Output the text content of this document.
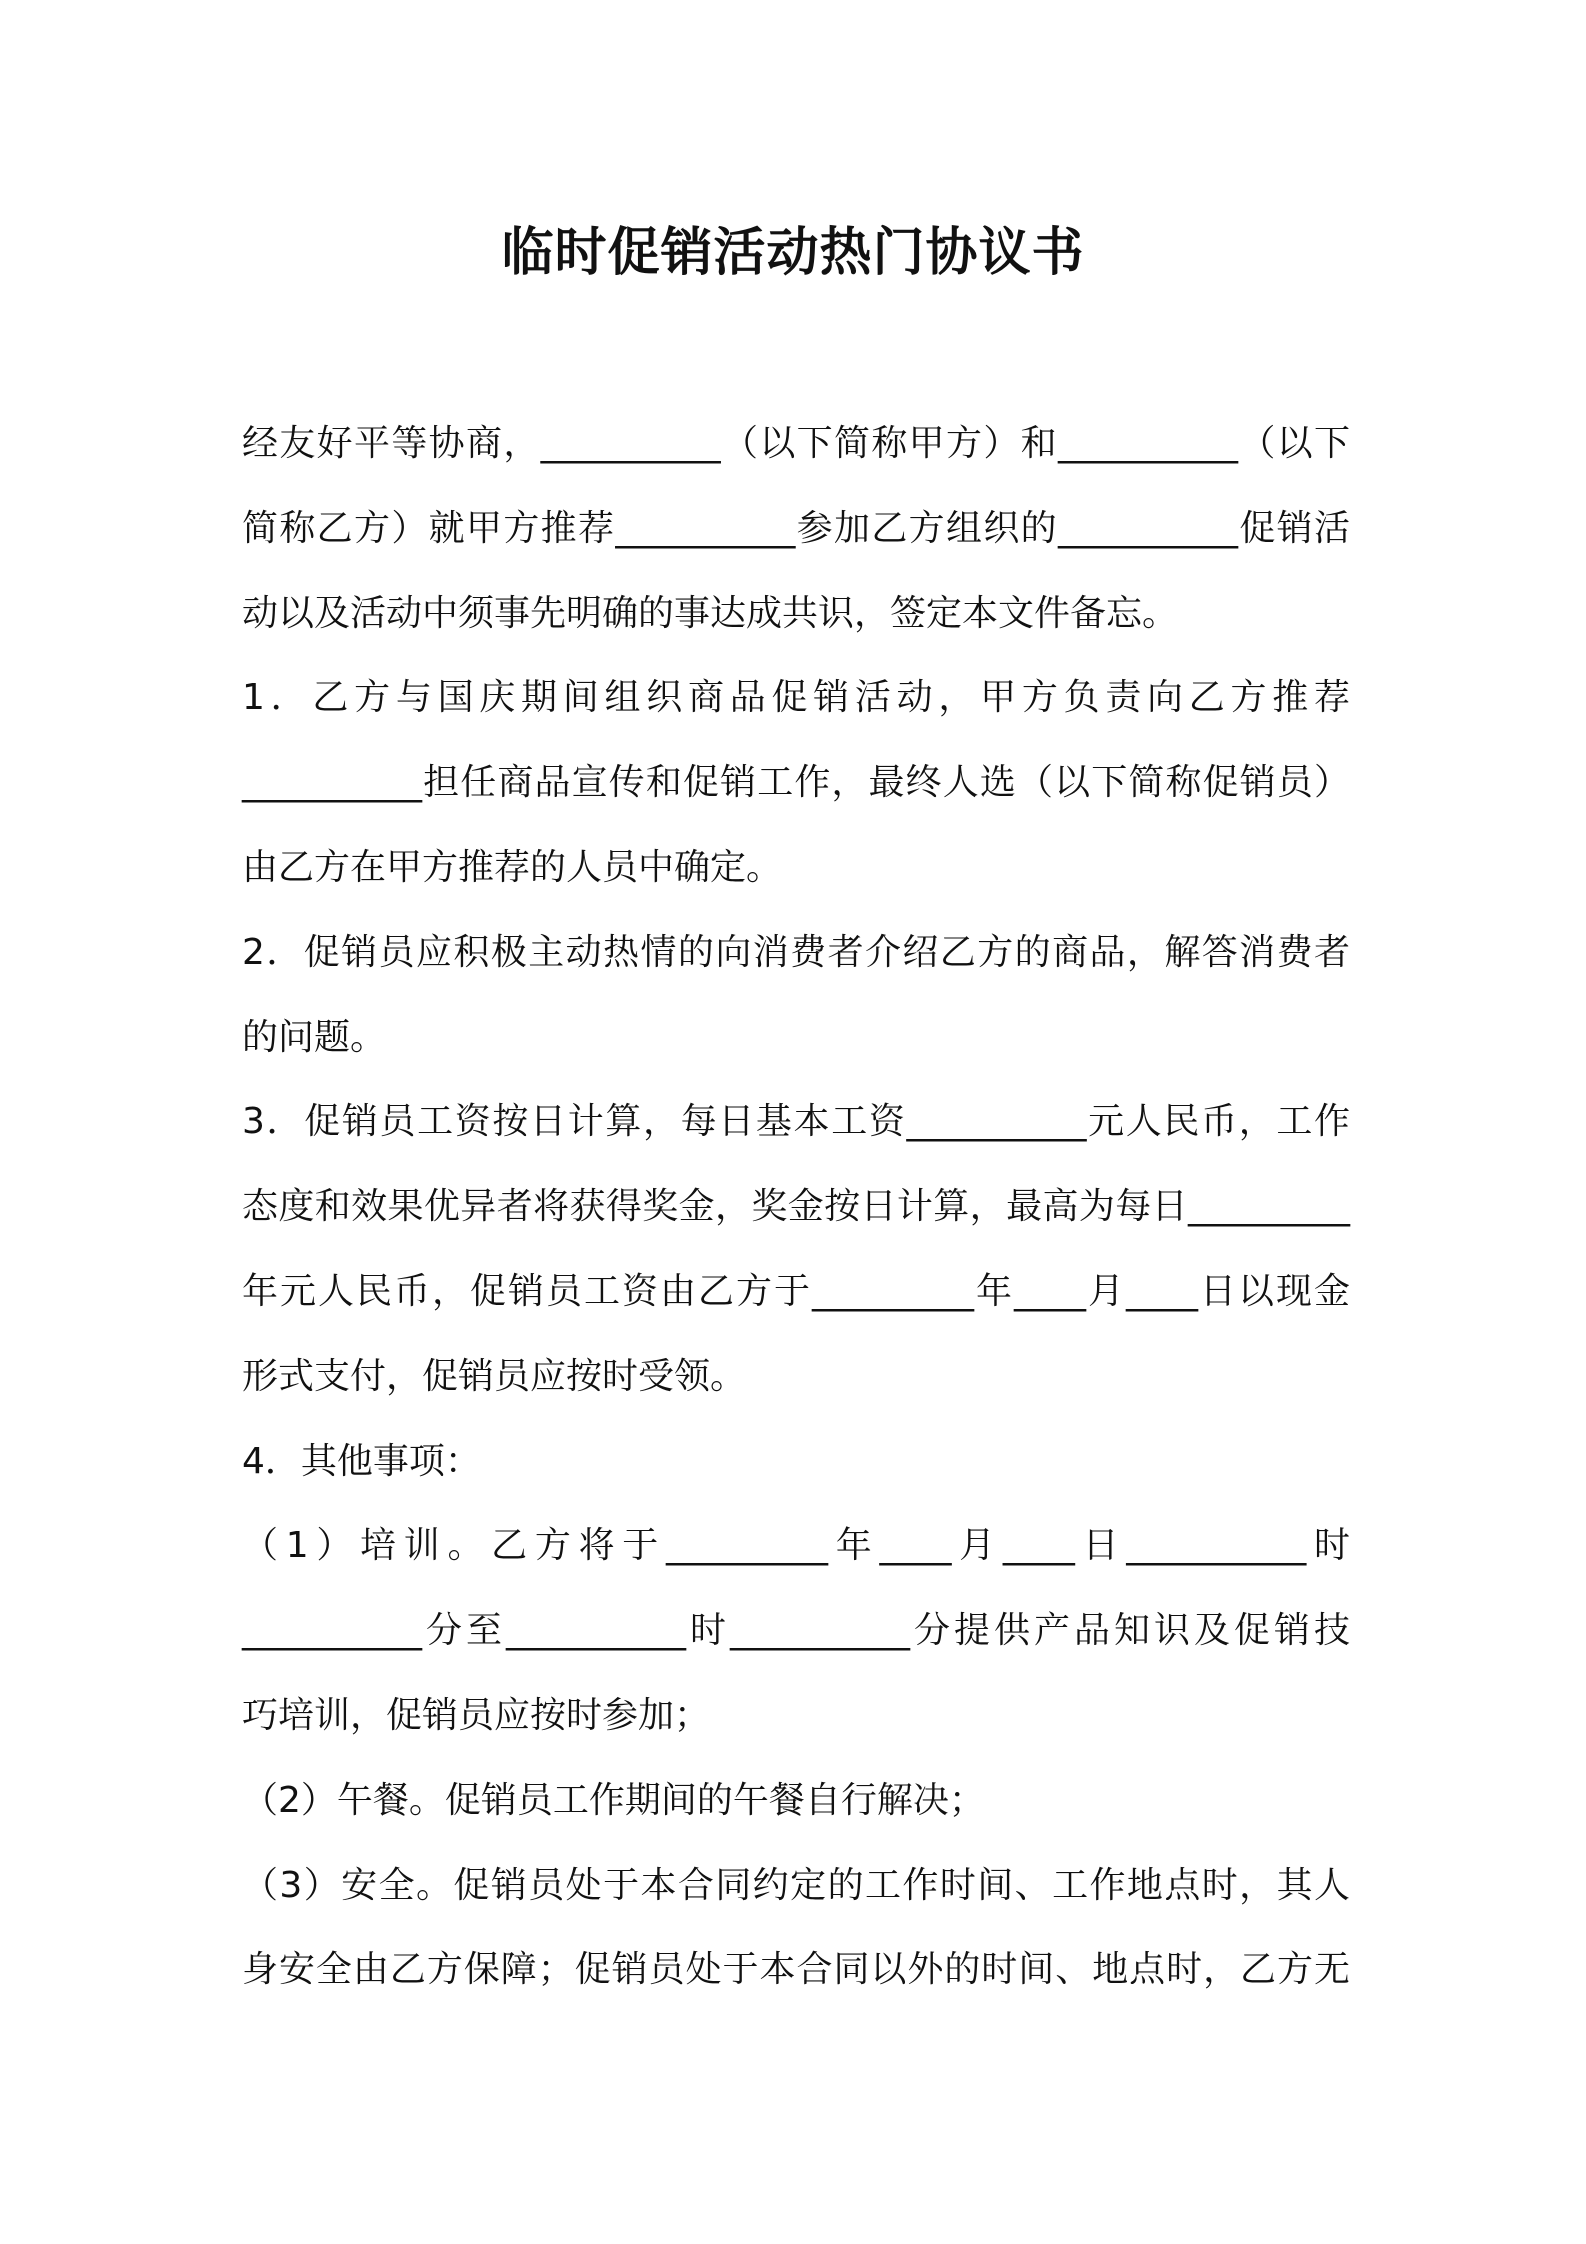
临时促销活动热门协议书
经友好平等协商，__________（以下简称甲方）和__________（以下
简称乙方）就甲方推荐__________参加乙方组织的__________促销活
动以及活动中须事先明确的事达成共识，签定本文件备忘。
1．乙方与国庆期间组织商品促销活动，甲方负责向乙方推荐
__________担任商品宣传和促销工作，最终人选（以下简称促销员）
由乙方在甲方推荐的人员中确定。
2．促销员应积极主动热情的向消费者介绍乙方的商品，解答消费者
的问题。
3．促销员工资按日计算，每日基本工资__________元人民币，工作
态度和效果优异者将获得奖金，奖金按日计算，最高为每日_________
年元人民币，促销员工资由乙方于_________年____月____日以现金
形式支付，促销员应按时受领。
4．其他事项：
（1）培训。乙方将于_________年____月____日__________时
__________分至__________时__________分提供产品知识及促销技
巧培训，促销员应按时参加；
（2）午餐。促销员工作期间的午餐自行解决；
（3）安全。促销员处于本合同约定的工作时间、工作地点时，其人
身安全由乙方保障；促销员处于本合同以外的时间、地点时，乙方无
